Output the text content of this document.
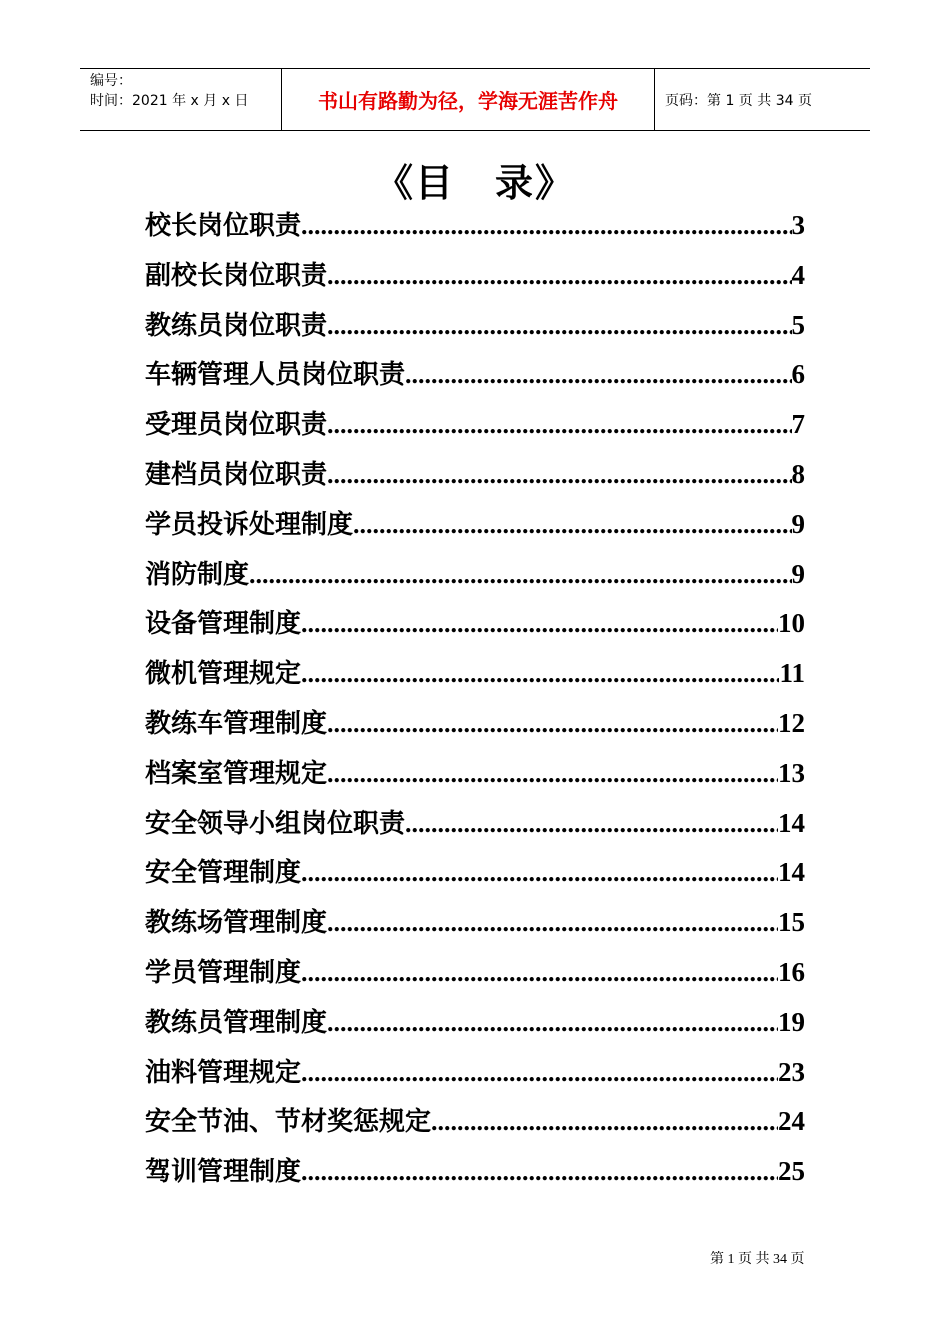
编号：
时间：2021 年 x 月 x 日	书山有路勤为径，学海无涯苦作舟	页码：第 1 页 共 34 页
《目　录》
校长岗位职责 .....	3
副校长岗位职责 .....	4
教练员岗位职责 .....	5
车辆管理人员岗位职责 .....	6
受理员岗位职责 .....	7
建档员岗位职责 .....	8
学员投诉处理制度 .....	9
消防制度 .....	9
设备管理制度 .....	10
微机管理规定 .....	11
教练车管理制度 .....	12
档案室管理规定 .....	13
安全领导小组岗位职责 .....	14
安全管理制度 .....	14
教练场管理制度 .....	15
学员管理制度 .....	16
教练员管理制度 .....	19
油料管理规定 .....	23
安全节油、节材奖惩规定 .....	24
驾训管理制度 .....	25
第 1 页 共 34 页
